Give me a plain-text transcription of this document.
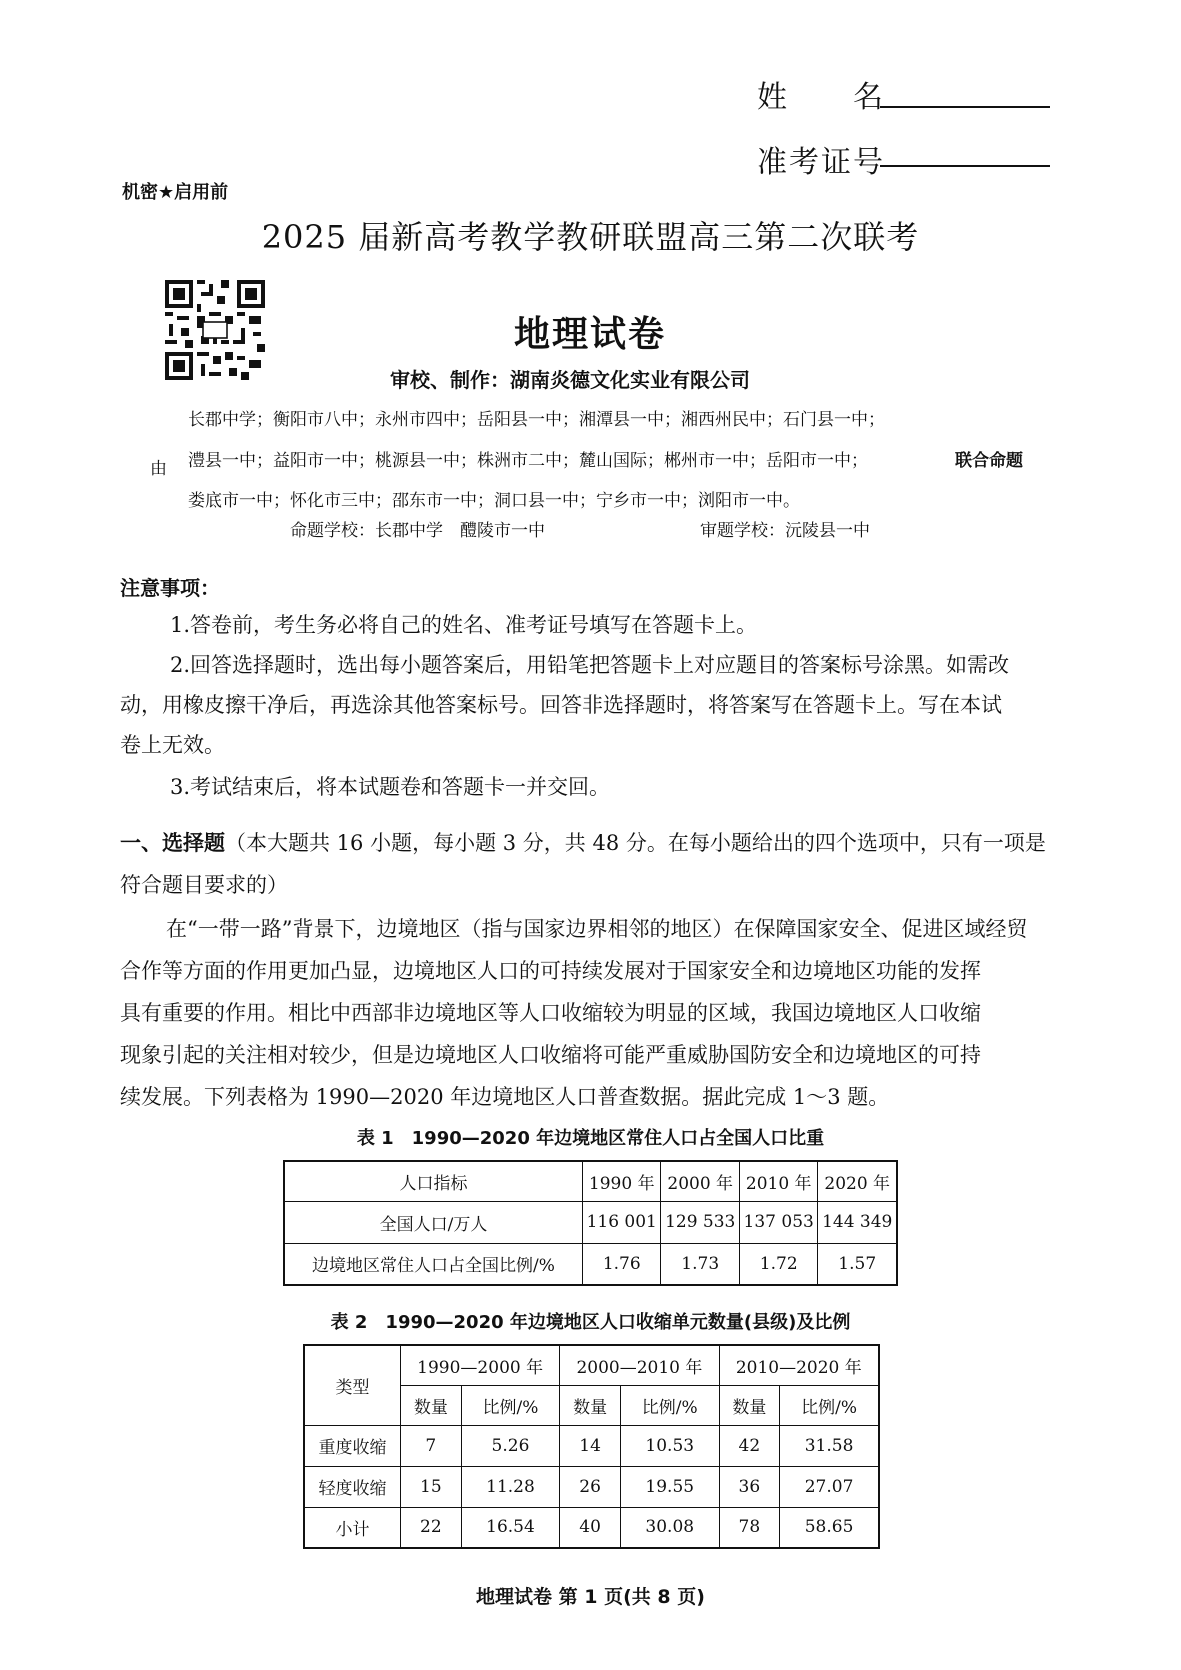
姓　　名
准考证号
机密★启用前
2025 届新高考教学教研联盟高三第二次联考
地理试卷
审校、制作：湖南炎德文化实业有限公司
长郡中学；衡阳市八中；永州市四中；岳阳县一中；湘潭县一中；湘西州民中；石门县一中；
由 澧县一中；益阳市一中；桃源县一中；株洲市二中；麓山国际；郴州市一中；岳阳市一中；	联合命题
娄底市一中；怀化市三中；邵东市一中；洞口县一中；宁乡市一中；浏阳市一中。
命题学校：长郡中学　醴陵市一中	审题学校：沅陵县一中
注意事项：
1.答卷前，考生务必将自己的姓名、准考证号填写在答题卡上。
2.回答选择题时，选出每小题答案后，用铅笔把答题卡上对应题目的答案标号涂黑。如需改
动，用橡皮擦干净后，再选涂其他答案标号。回答非选择题时，将答案写在答题卡上。写在本试
卷上无效。
3.考试结束后，将本试题卷和答题卡一并交回。
一、选择题（本大题共 16 小题，每小题 3 分，共 48 分。在每小题给出的四个选项中，只有一项是
符合题目要求的）
在“一带一路”背景下，边境地区（指与国家边界相邻的地区）在保障国家安全、促进区域经贸
合作等方面的作用更加凸显，边境地区人口的可持续发展对于国家安全和边境地区功能的发挥
具有重要的作用。相比中西部非边境地区等人口收缩较为明显的区域，我国边境地区人口收缩
现象引起的关注相对较少，但是边境地区人口收缩将可能严重威胁国防安全和边境地区的可持
续发展。下列表格为 1990—2020 年边境地区人口普查数据。据此完成 1～3 题。
表 1　1990—2020 年边境地区常住人口占全国人口比重
人口指标	1990 年	2000 年	2010 年	2020 年
全国人口/万人	116 001	129 533	137 053	144 349
边境地区常住人口占全国比例/%	1.76	1.73	1.72	1.57
表 2　1990—2020 年边境地区人口收缩单元数量(县级)及比例
类型	1990—2000 年		2000—2010 年		2010—2020 年	
	数量	比例/%	数量	比例/%	数量	比例/%
重度收缩	7	5.26	14	10.53	42	31.58
轻度收缩	15	11.28	26	19.55	36	27.07
小计	22	16.54	40	30.08	78	58.65
地理试卷 第 1 页(共 8 页)
